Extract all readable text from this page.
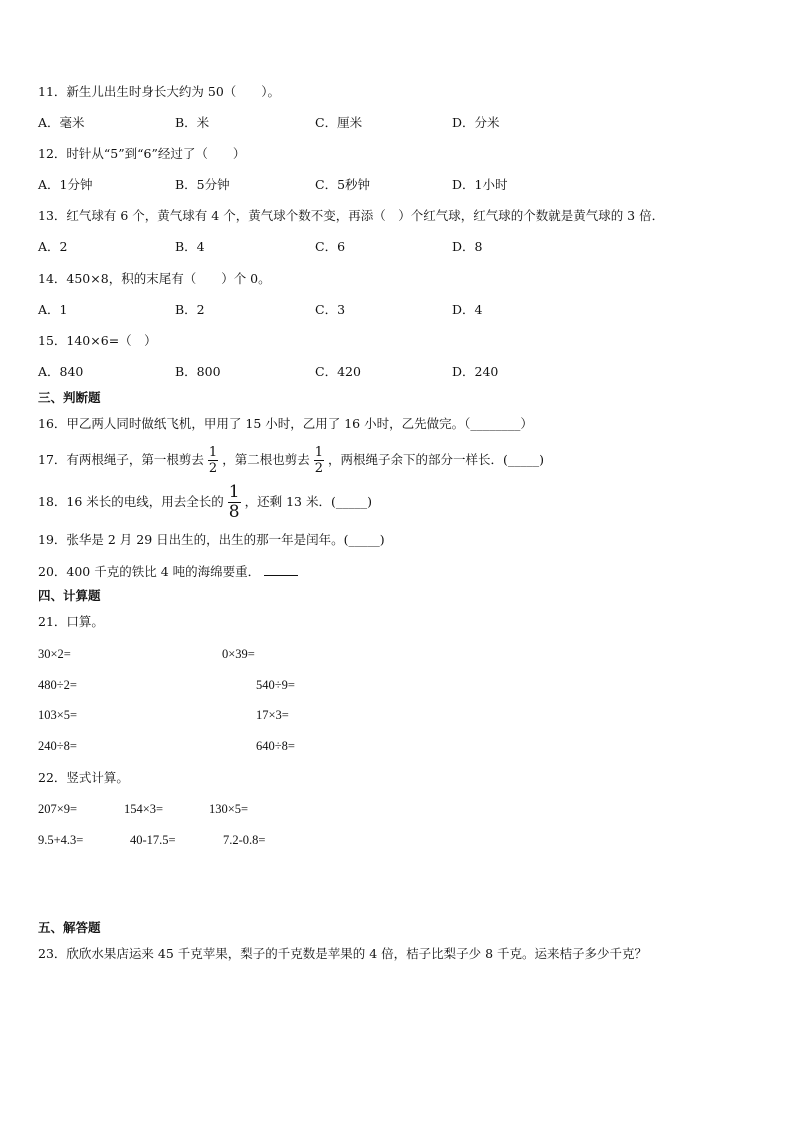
11．新生儿出生时身长大约为 50（　　）。
A．毫米	B．米	C．厘米	D．分米
12．时针从“5”到“6”经过了（　　）
A．1分钟	B．5分钟	C．5秒钟	D．1小时
13．红气球有 6 个，黄气球有 4 个，黄气球个数不变，再添（　）个红气球，红气球的个数就是黄气球的 3 倍．
A．2	B．4	C．6	D．8
14．450×8，积的末尾有（　　）个 0。
A．1	B．2	C．3	D．4
15．140×6=（　）
A．840	B．800	C．420	D．240
三、判断题
16．甲乙两人同时做纸飞机，甲用了 15 小时，乙用了 16 小时，乙先做完。（________）
17．有两根绳子，第一根剪去 $\frac{1}{2}$ ，第二根也剪去 $\frac{1}{2}$ ，两根绳子余下的部分一样长．(_____)
18．16 米长的电线，用去全长的 $\frac{1}{8}$ ，还剩 13 米．(_____)
19．张华是 2 月 29 日出生的，出生的那一年是闰年。(_____)
20．400 千克的铁比 4 吨的海绵要重．
四、计算题
21．口算。
30×2=	0×39=
480÷2=	540÷9=
103×5=	17×3=
240÷8=	640÷8=
22．竖式计算。
207×9=	154×3=	130×5=
9.5+4.3=	40-17.5=	7.2-0.8=
五、解答题
23．欣欣水果店运来 45 千克苹果，梨子的千克数是苹果的 4 倍，桔子比梨子少 8 千克。运来桔子多少千克？
